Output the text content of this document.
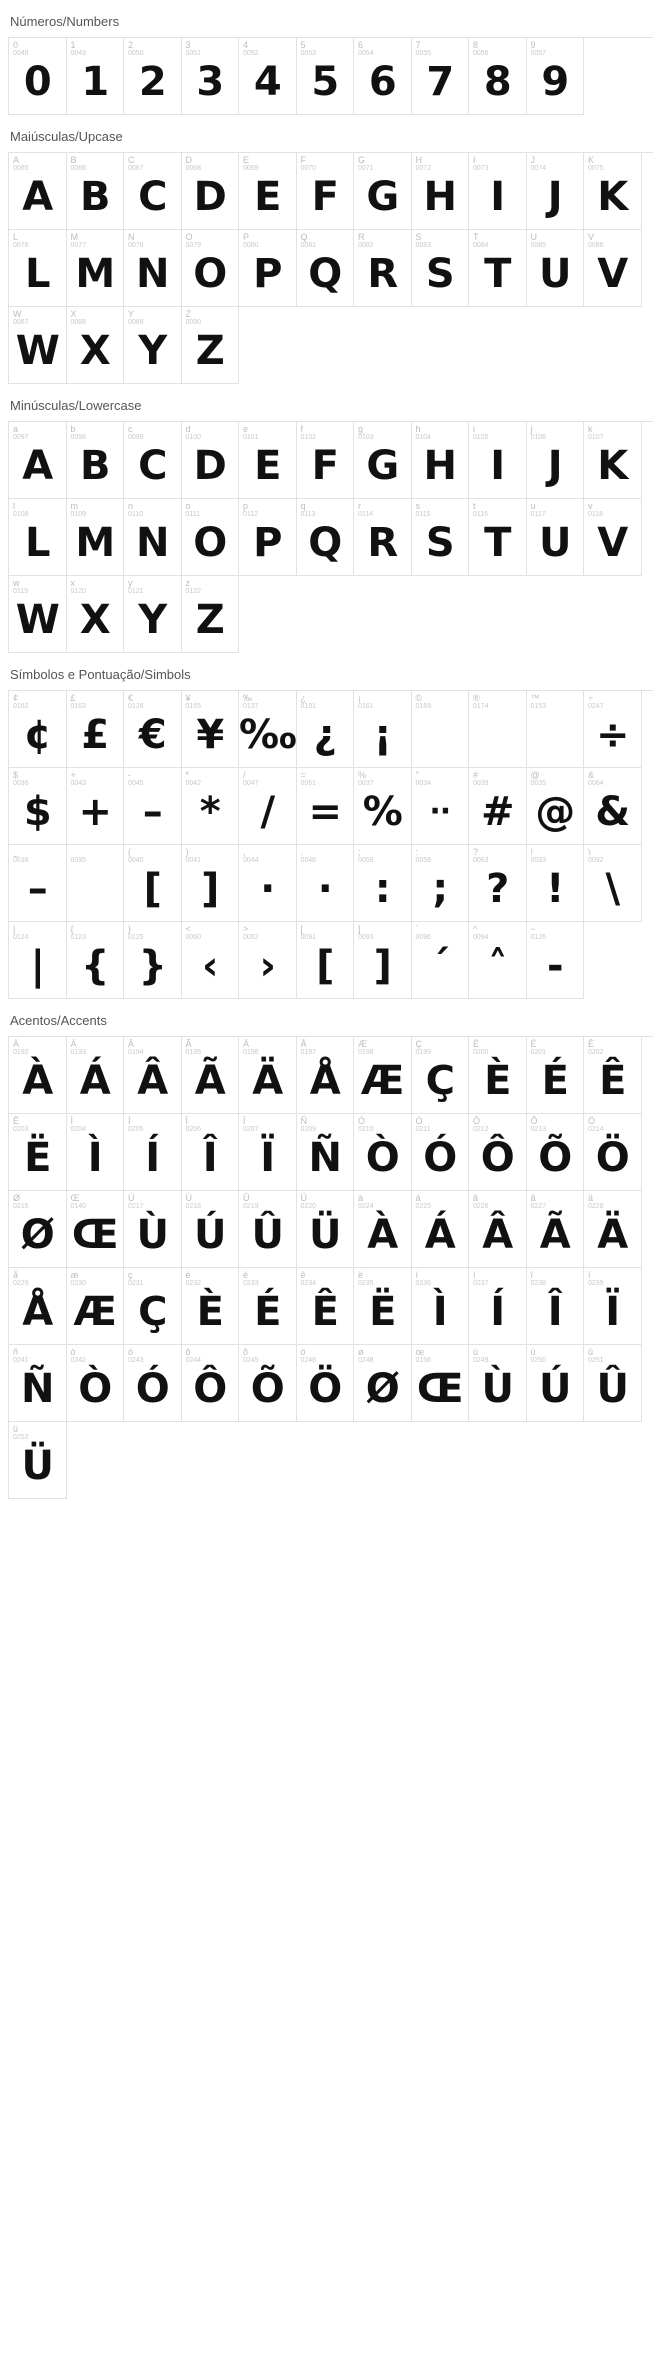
Números/Numbers
0
0048
0
1
0049
1
2
0050
2
3
0051
3
4
0052
4
5
0053
5
6
0054
6
7
0055
7
8
0056
8
9
0057
9
Maiúsculas/Upcase
A
0065
A
B
0066
B
C
0067
C
D
0068
D
E
0069
E
F
0070
F
G
0071
G
H
0072
H
I
0073
I
J
0074
J
K
0075
K
L
0076
L
M
0077
M
N
0078
N
O
0079
O
P
0080
P
Q
0081
Q
R
0082
R
S
0083
S
T
0084
T
U
0085
U
V
0086
V
W
0087
W
X
0088
X
Y
0089
Y
Z
0090
Z
Minúsculas/Lowercase
a
0097
A
b
0098
B
c
0099
C
d
0100
D
e
0101
E
f
0102
F
g
0103
G
h
0104
H
i
0105
I
j
0106
J
k
0107
K
l
0108
L
m
0109
M
n
0110
N
o
0111
O
p
0112
P
q
0113
Q
r
0114
R
s
0115
S
t
0116
T
u
0117
U
v
0118
V
w
0119
W
x
0120
X
y
0121
Y
z
0122
Z
Símbolos e Pontuação/Simbols
¢
0162
¢
£
0163
£
€
0128
€
¥
0165
¥
‰
0137
‰
¿
0191
¿
¡
0161
¡
©
0169
®
0174
™
0153
÷
0247
÷
$
0036
$
+
0043
+
-
0045
–
*
0042
*
/
0047
/
=
0061
=
%
0037
%
"
0034
··
#
0039
#
@
0035
@
&
0064
&
_
0038
–
0095
(
0040
[
)
0041
]
,
0044
·
.
0046
·
;
0059
:
:
0058
;
?
0063
?
!
0033
!
\
0092
\
|
0124
|
{
0123
{
}
0125
}
<
0060
‹
>
0062
›
[
0091
[
]
0093
]
`
0096
´
^
0094
˄
~
0126
-
Acentos/Accents
À
0192
À
Á
0193
Á
Â
0194
Â
Ã
0195
Ã
Ä
0196
Ä
Å
0197
Å
Æ
0198
Æ
Ç
0199
Ç
È
0200
È
É
0201
É
Ê
0202
Ê
Ë
0203
Ë
Ì
0204
Ì
Í
0205
Í
Î
0206
Î
Ï
0207
Ï
Ñ
0209
Ñ
Ò
0210
Ò
Ó
0211
Ó
Ô
0212
Ô
Õ
0213
Õ
Ö
0214
Ö
Ø
0216
Ø
Œ
0140
Œ
Ù
0217
Ù
Ú
0218
Ú
Û
0219
Û
Ü
0220
Ü
à
0224
À
á
0225
Á
â
0226
Â
ã
0227
Ã
ä
0228
Ä
å
0229
Å
æ
0230
Æ
ç
0231
Ç
è
0232
È
é
0233
É
ê
0234
Ê
ë
0235
Ë
ì
0236
Ì
í
0237
Í
î
0238
Î
ï
0239
Ï
ñ
0241
Ñ
ò
0242
Ò
ó
0243
Ó
ô
0244
Ô
õ
0245
Õ
ö
0246
Ö
ø
0248
Ø
œ
0156
Œ
ù
0249
Ù
ú
0250
Ú
û
0251
Û
ü
0252
Ü
